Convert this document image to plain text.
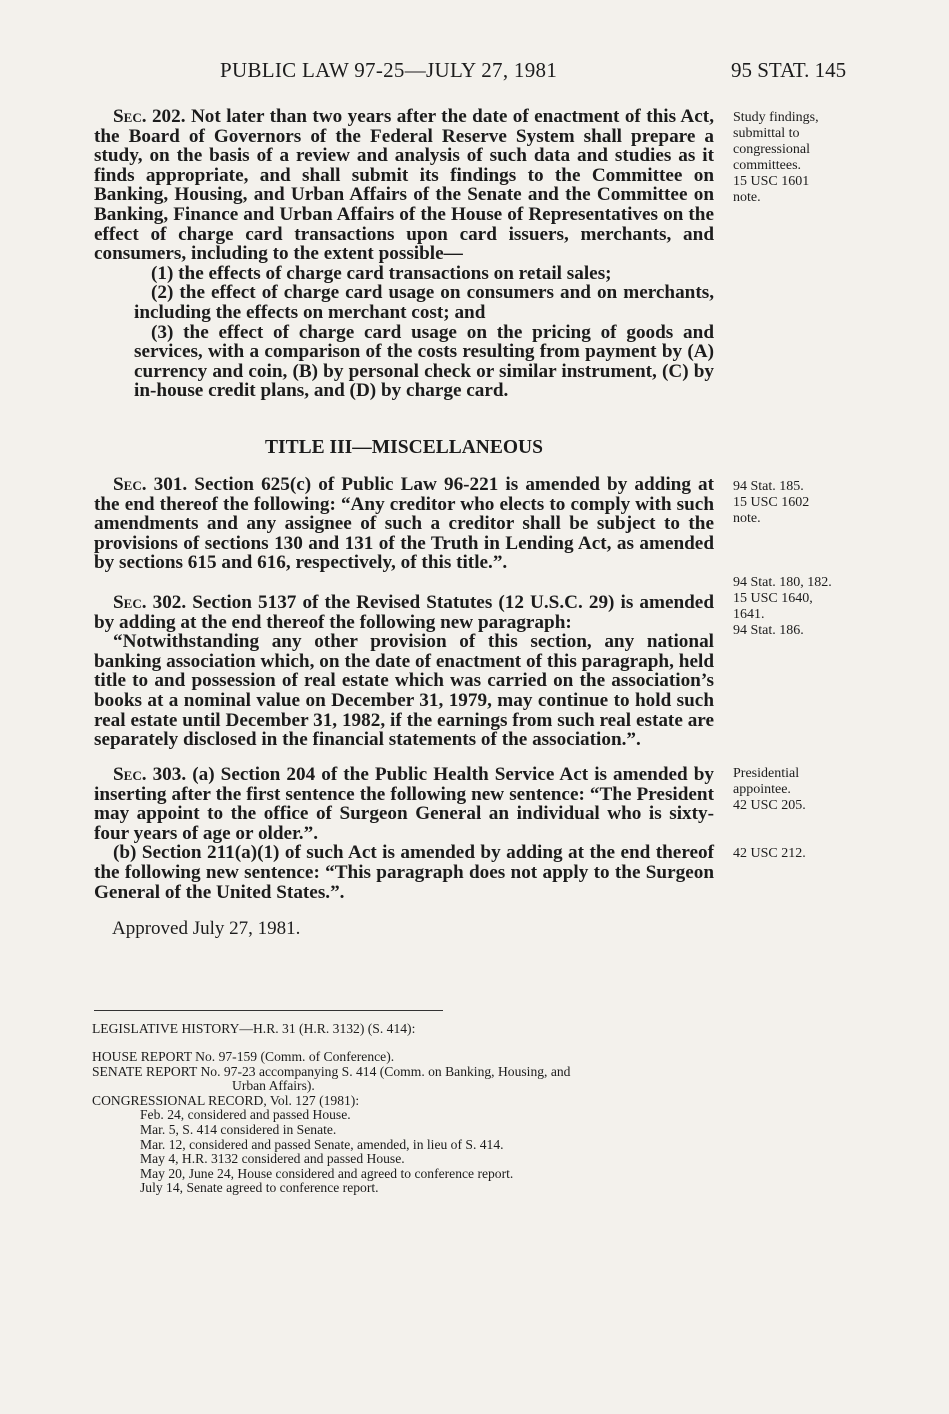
PUBLIC LAW 97-25—JULY 27, 1981	95 STAT. 145

Sec. 202. Not later than two years after the date of enactment of this Act, the Board of Governors of the Federal Reserve System shall prepare a study, on the basis of a review and analysis of such data and studies as it finds appropriate, and shall submit its findings to the Committee on Banking, Housing, and Urban Affairs of the Senate and the Committee on Banking, Finance and Urban Affairs of the House of Representatives on the effect of charge card transactions upon card issuers, merchants, and consumers, including to the extent possible—

(1) the effects of charge card transactions on retail sales;

(2) the effect of charge card usage on consumers and on merchants, including the effects on merchant cost; and

(3) the effect of charge card usage on the pricing of goods and services, with a comparison of the costs resulting from payment by (A) currency and coin, (B) by personal check or similar instrument, (C) by in-house credit plans, and (D) by charge card.

TITLE III—MISCELLANEOUS

Sec. 301. Section 625(c) of Public Law 96-221 is amended by adding at the end thereof the following: “Any creditor who elects to comply with such amendments and any assignee of such a creditor shall be subject to the provisions of sections 130 and 131 of the Truth in Lending Act, as amended by sections 615 and 616, respectively, of this title.”.

Sec. 302. Section 5137 of the Revised Statutes (12 U.S.C. 29) is amended by adding at the end thereof the following new paragraph:

“Notwithstanding any other provision of this section, any national banking association which, on the date of enactment of this paragraph, held title to and possession of real estate which was carried on the association’s books at a nominal value on December 31, 1979, may continue to hold such real estate until December 31, 1982, if the earnings from such real estate are separately disclosed in the financial statements of the association.”.

Sec. 303. (a) Section 204 of the Public Health Service Act is amended by inserting after the first sentence the following new sentence: “The President may appoint to the office of Surgeon General an individual who is sixty-four years of age or older.”.

(b) Section 211(a)(1) of such Act is amended by adding at the end thereof the following new sentence: “This paragraph does not apply to the Surgeon General of the United States.”.

Study findings,
submittal to
congressional
committees.
15 USC 1601
note.
94 Stat. 185.
15 USC 1602
note.
94 Stat. 180, 182.
15 USC 1640,
1641.
94 Stat. 186.
Presidential
appointee.
42 USC 205.
42 USC 212.
Approved July 27, 1981.
LEGISLATIVE HISTORY—H.R. 31 (H.R. 3132) (S. 414):
HOUSE REPORT No. 97-159 (Comm. of Conference).
SENATE REPORT No. 97-23 accompanying S. 414 (Comm. on Banking, Housing, and
Urban Affairs).
CONGRESSIONAL RECORD, Vol. 127 (1981):
Feb. 24, considered and passed House.
Mar. 5, S. 414 considered in Senate.
Mar. 12, considered and passed Senate, amended, in lieu of S. 414.
May 4, H.R. 3132 considered and passed House.
May 20, June 24, House considered and agreed to conference report.
July 14, Senate agreed to conference report.
